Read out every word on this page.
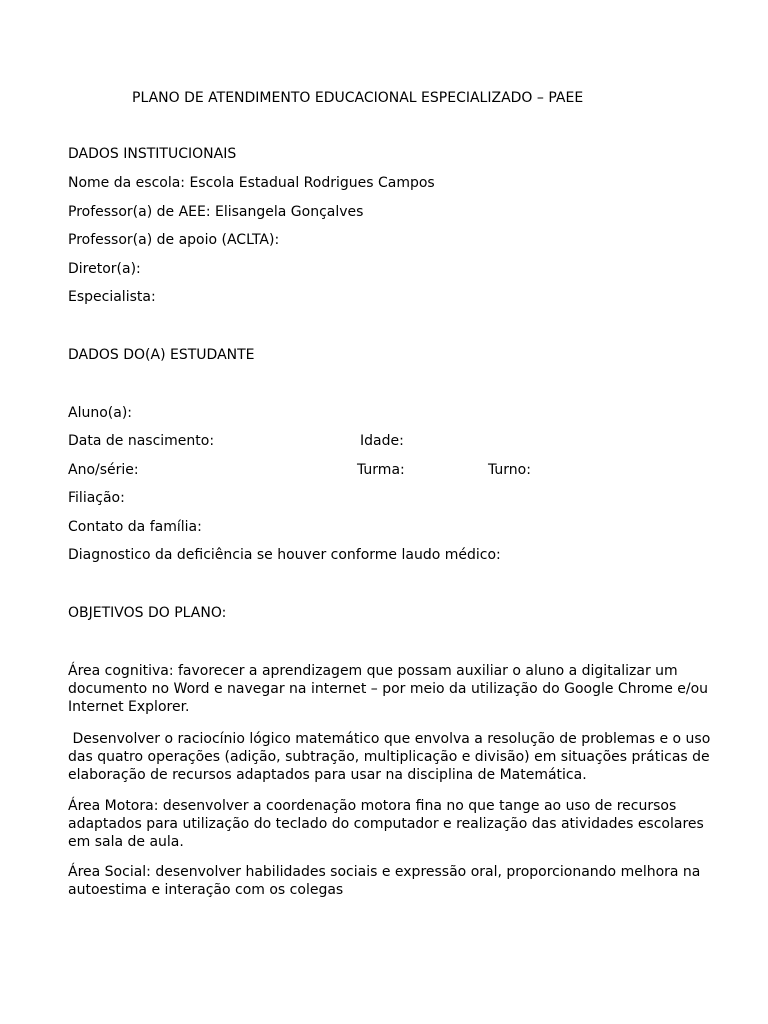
PLANO DE ATENDIMENTO EDUCACIONAL ESPECIALIZADO – PAEE
DADOS INSTITUCIONAIS
Nome da escola: Escola Estadual Rodrigues Campos
Professor(a) de AEE: Elisangela Gonçalves
Professor(a) de apoio (ACLTA):
Diretor(a):
Especialista:
DADOS DO(A) ESTUDANTE
Aluno(a):
Data de nascimento:	Idade:
Ano/série:	Turma:	Turno:
Filiação:
Contato da família:
Diagnostico da deficiência se houver conforme laudo médico:
OBJETIVOS DO PLANO:
Área cognitiva: favorecer a aprendizagem que possam auxiliar o aluno a digitalizar um
documento no Word e navegar na internet – por meio da utilização do Google Chrome e/ou
Internet Explorer.
Desenvolver o raciocínio lógico matemático que envolva a resolução de problemas e o uso
das quatro operações (adição, subtração, multiplicação e divisão) em situações práticas de
elaboração de recursos adaptados para usar na disciplina de Matemática.
Área Motora: desenvolver a coordenação motora fina no que tange ao uso de recursos
adaptados para utilização do teclado do computador e realização das atividades escolares
em sala de aula.
Área Social: desenvolver habilidades sociais e expressão oral, proporcionando melhora na
autoestima e interação com os colegas
